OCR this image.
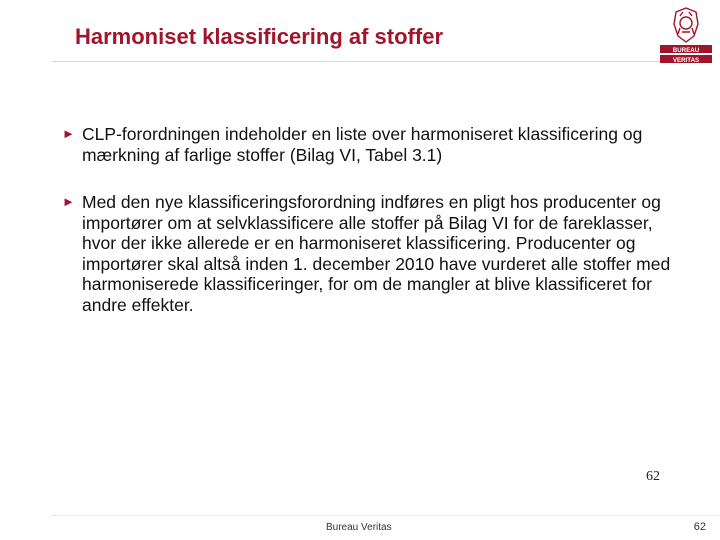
Harmoniset klassificering af stoffer
BUREAU
VERITAS
► CLP-forordningen indeholder en liste over harmoniseret klassificering og mærkning af farlige stoffer (Bilag VI, Tabel 3.1)
► Med den nye klassificeringsforordning indføres en pligt hos producenter og importører om at selvklassificere alle stoffer på Bilag VI for de fareklasser, hvor der ikke allerede er en harmoniseret klassificering. Producenter og importører skal altså inden 1. december 2010 have vurderet alle stoffer med harmoniserede klassificeringer, for om de mangler at blive klassificeret for andre effekter.
62
Bureau Veritas	62
